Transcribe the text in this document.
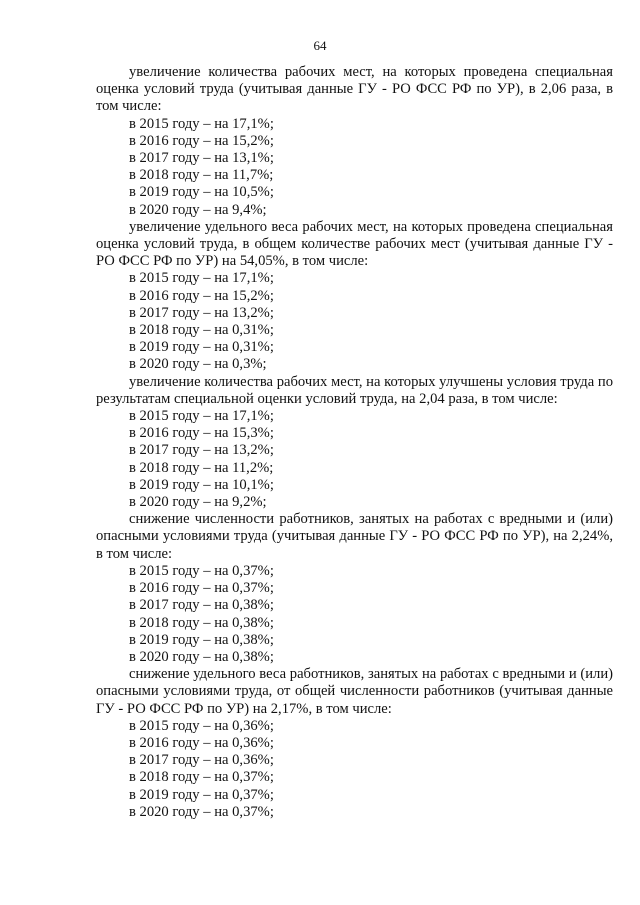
64

увеличение количества рабочих мест, на которых проведена специальная оценка условий труда (учитывая данные ГУ - РО ФСС РФ по УР), в 2,06 раза, в том числе:

в 2015 году – на 17,1%;

в 2016 году – на 15,2%;

в 2017 году – на 13,1%;

в 2018 году – на 11,7%;

в 2019 году – на 10,5%;

в 2020 году – на 9,4%;

увеличение удельного веса рабочих мест, на которых проведена специальная оценка условий труда, в общем количестве рабочих мест (учитывая данные ГУ - РО ФСС РФ по УР) на 54,05%, в том числе:

в 2015 году – на 17,1%;

в 2016 году – на 15,2%;

в 2017 году – на 13,2%;

в 2018 году – на 0,31%;

в 2019 году – на 0,31%;

в 2020 году – на 0,3%;

увеличение количества рабочих мест, на которых улучшены условия труда по результатам специальной оценки условий труда, на 2,04 раза, в том числе:

в 2015 году – на 17,1%;

в 2016 году – на 15,3%;

в 2017 году – на 13,2%;

в 2018 году – на 11,2%;

в 2019 году – на 10,1%;

в 2020 году – на 9,2%;

снижение численности работников, занятых на работах с вредными и (или) опасными условиями труда (учитывая данные ГУ - РО ФСС РФ по УР), на 2,24%, в том числе:

в 2015 году – на 0,37%;

в 2016 году – на 0,37%;

в 2017 году – на 0,38%;

в 2018 году – на 0,38%;

в 2019 году – на 0,38%;

в 2020 году – на 0,38%;

снижение удельного веса работников, занятых на работах с вредными и (или) опасными условиями труда, от общей численности работников (учитывая данные ГУ - РО ФСС РФ по УР) на 2,17%, в том числе:

в 2015 году – на 0,36%;

в 2016 году – на 0,36%;

в 2017 году – на 0,36%;

в 2018 году – на 0,37%;

в 2019 году – на 0,37%;

в 2020 году – на 0,37%;
